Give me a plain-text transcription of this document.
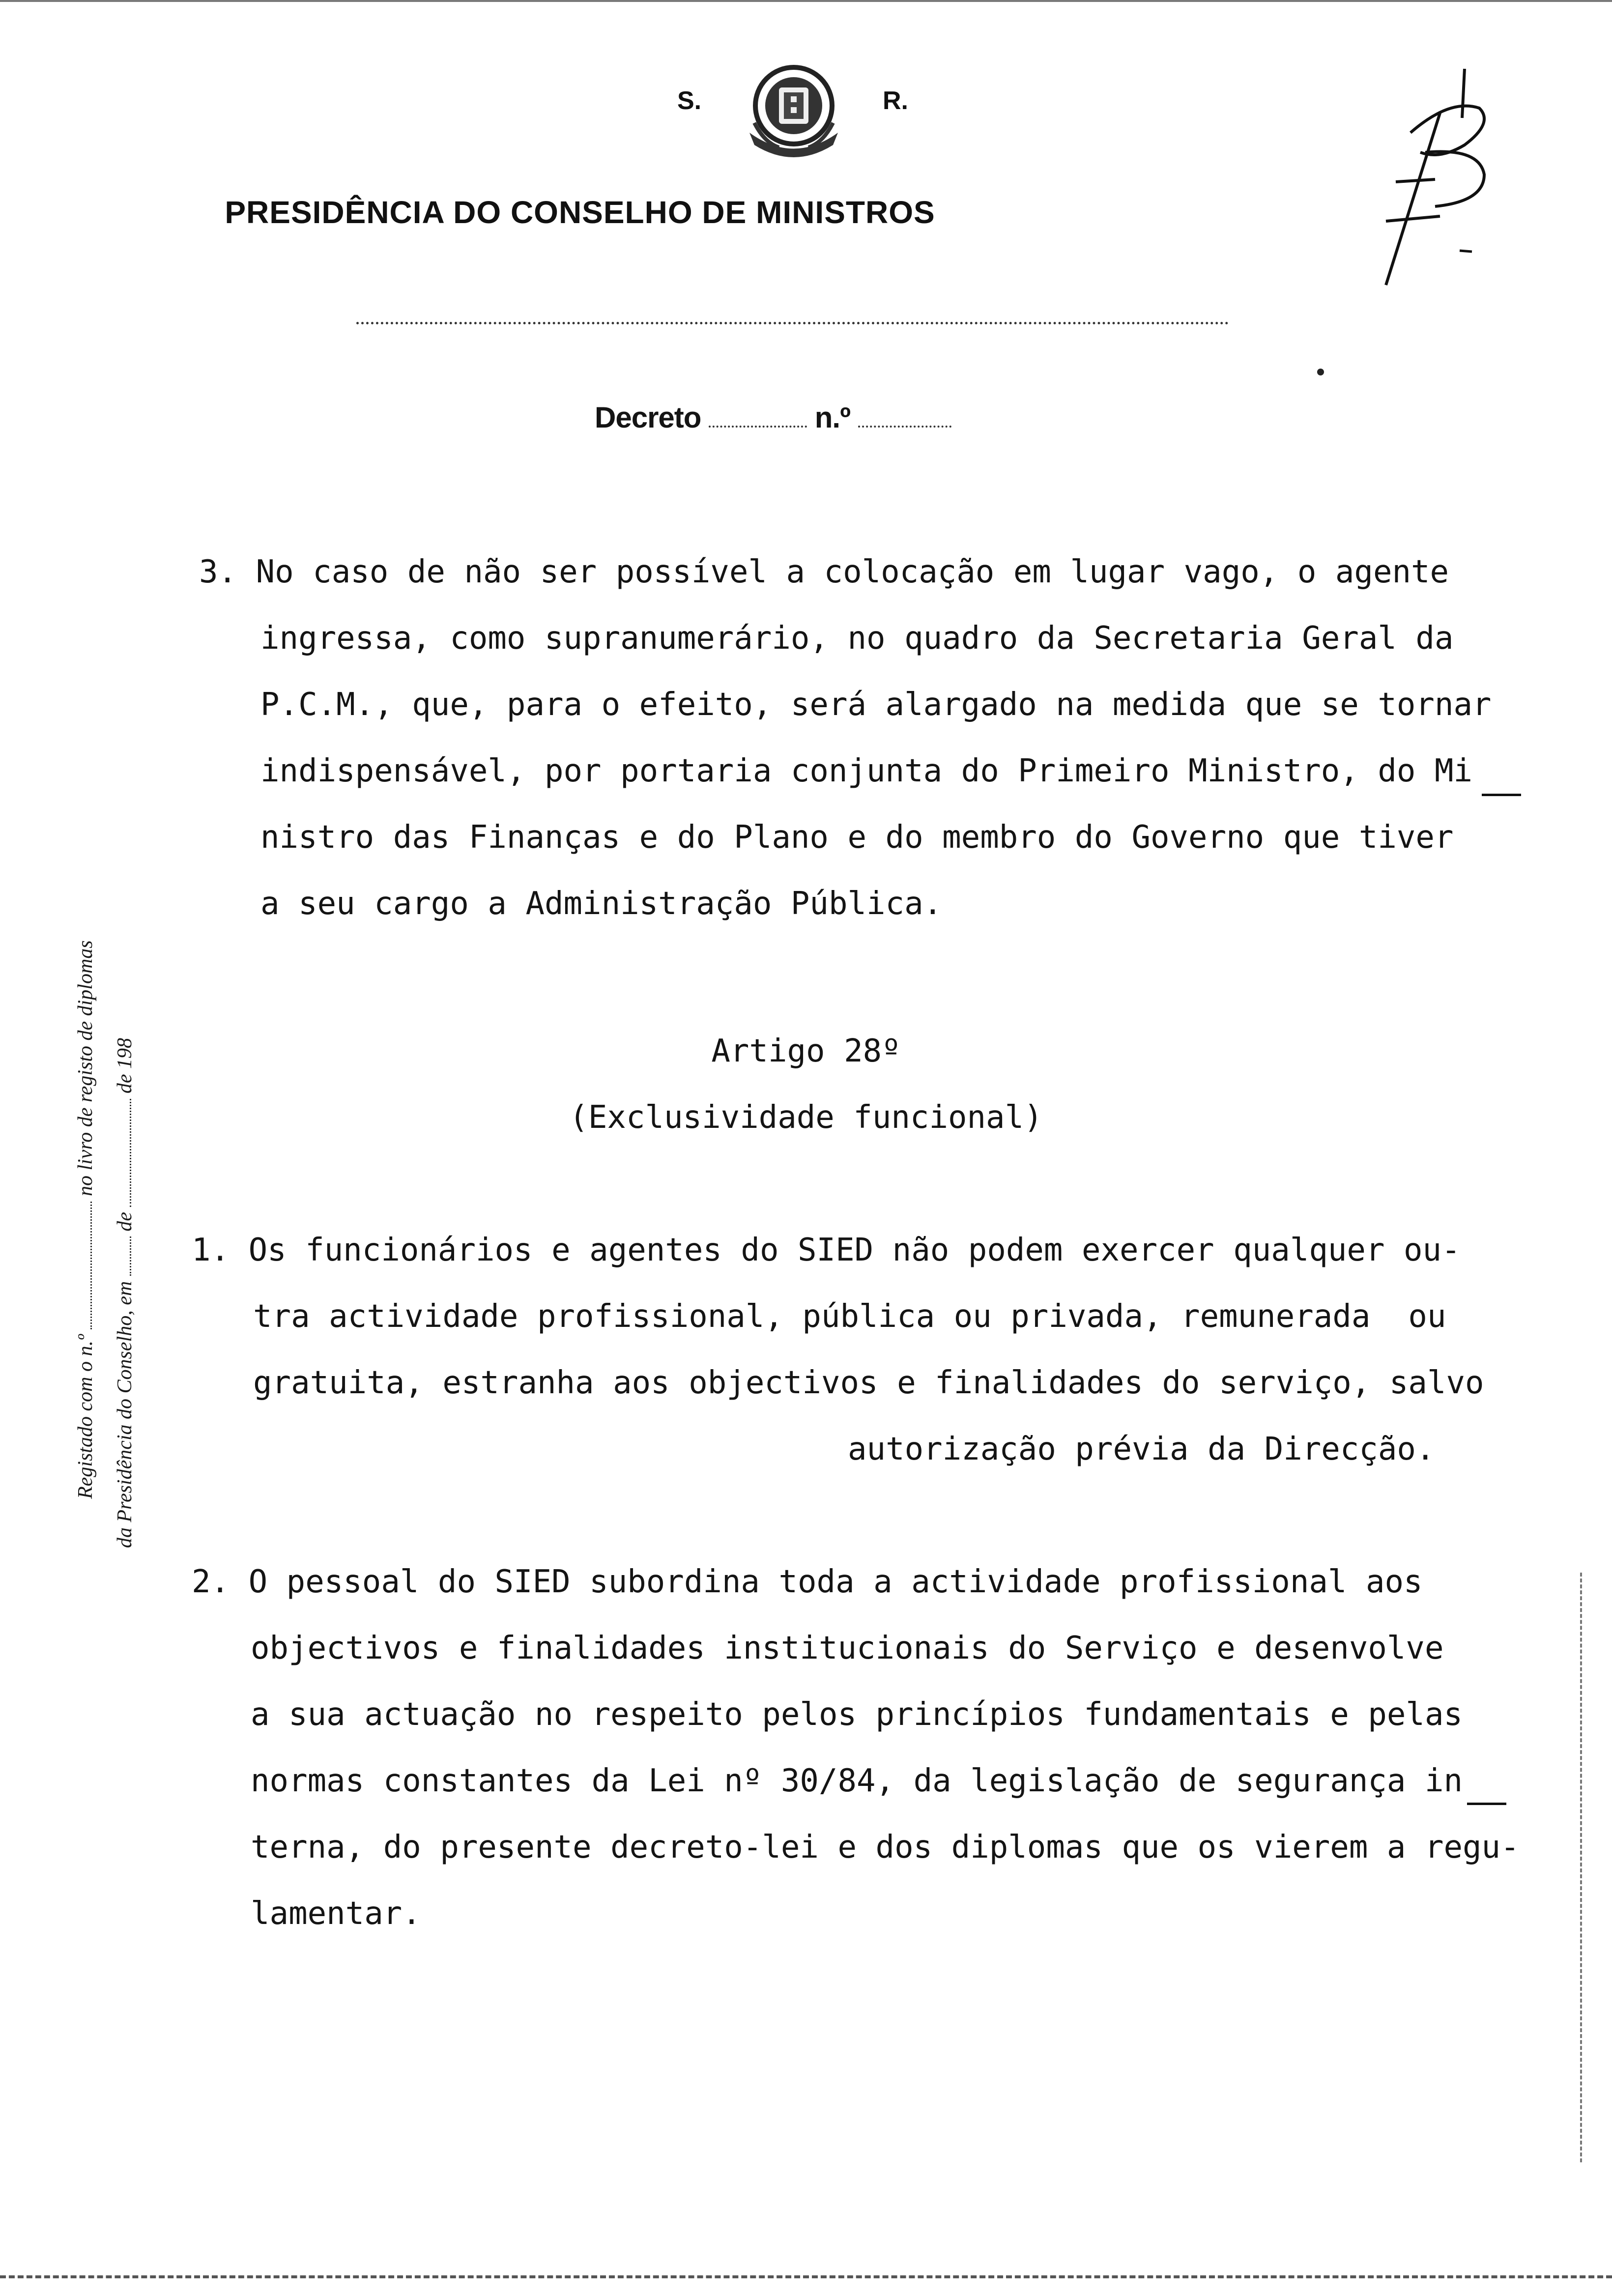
S.	R.
PRESIDÊNCIA DO CONSELHO DE MINISTROS
Decreto	n.º
3. No caso de não ser possível a colocação em lugar vago, o agente
ingressa, como supranumerário, no quadro da Secretaria Geral da
P.C.M., que, para o efeito, será alargado na medida que se tornar
indispensável, por portaria conjunta do Primeiro Ministro, do Mi
nistro das Finanças e do Plano e do membro do Governo que tiver
a seu cargo a Administração Pública.
Artigo 28º
(Exclusividade funcional)
1. Os funcionários e agentes do SIED não podem exercer qualquer ou-
tra actividade profissional, pública ou privada, remunerada  ou
gratuita, estranha aos objectivos e finalidades do serviço, salvo
autorização prévia da Direcção.
2. O pessoal do SIED subordina toda a actividade profissional aos
objectivos e finalidades institucionais do Serviço e desenvolve
a sua actuação no respeito pelos princípios fundamentais e pelas
normas constantes da Lei nº 30/84, da legislação de segurança in
terna, do presente decreto-lei e dos diplomas que os vierem a regu-
lamentar.
Registado com o n.º  no livro de registo de diplomas
da Presidência do Conselho, em  de  de 198
